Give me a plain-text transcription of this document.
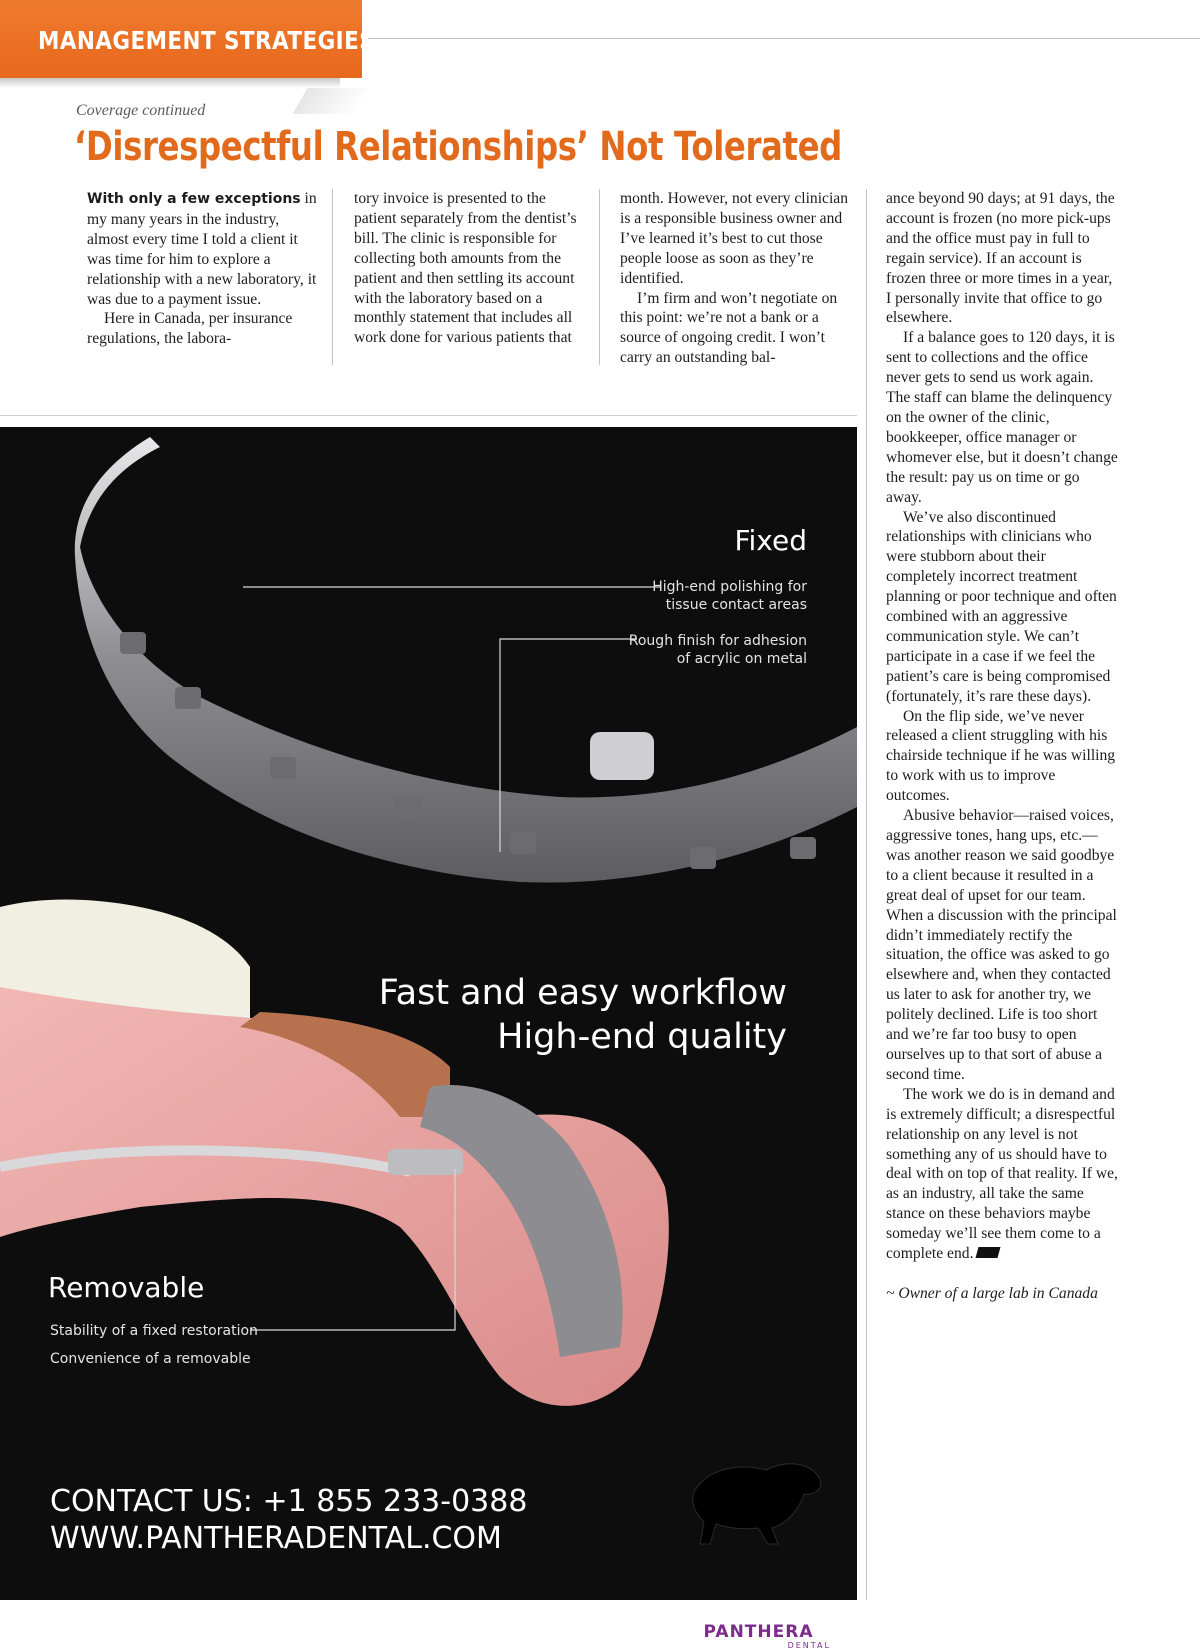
MANAGEMENT STRATEGIES
Coverage continued
‘Disrespectful Relationships’ Not Tolerated

With only a few exceptions in my many years in the industry, almost every time I told a client it was time for him to explore a relationship with a new laboratory, it was due to a payment issue.

Here in Canada, per insurance regulations, the labora-

tory invoice is presented to the patient separately from the dentist’s bill. The clinic is responsible for collecting both amounts from the patient and then settling its account with the laboratory based on a monthly statement that includes all work done for various patients that

month. However, not every clinician is a responsible business owner and I’ve learned it’s best to cut those people loose as soon as they’re identified.

I’m firm and won’t negotiate on this point: we’re not a bank or a source of ongoing credit. I won’t carry an outstanding bal-

ance beyond 90 days; at 91 days, the account is frozen (no more pick-ups and the office must pay in full to regain service). If an account is frozen three or more times in a year, I personally invite that office to go elsewhere.

If a balance goes to 120 days, it is sent to collections and the office never gets to send us work again. The staff can blame the delinquency on the owner of the clinic, bookkeeper, office manager or whomever else, but it doesn’t change the result: pay us on time or go away.

We’ve also discontinued relationships with clinicians who were stubborn about their completely incorrect treatment planning or poor technique and often combined with an aggressive communication style. We can’t participate in a case if we feel the patient’s care is being compromised (fortunately, it’s rare these days).

On the flip side, we’ve never released a client struggling with his chairside technique if he was willing to work with us to improve outcomes.

Abusive behavior—raised voices, aggressive tones, hang ups, etc.—was another reason we said goodbye to a client because it resulted in a great deal of upset for our team. When a discussion with the principal didn’t immediately rectify the situation, the office was asked to go elsewhere and, when they contacted us later to ask for another try, we politely declined. Life is too short and we’re far too busy to open ourselves up to that sort of abuse a second time.

The work we do is in demand and is extremely difficult; a disrespectful relationship on any level is not something any of us should have to deal with on top of that reality. If we, as an industry, all take the same stance on these behaviors maybe someday we’ll see them come to a complete end.

~ Owner of a large lab in Canada

Fixed
High-end polishing for
tissue contact areas
Rough finish for adhesion
of acrylic on metal
Fast and easy workflow
High-end quality
Removable
Stability of a fixed restoration
Convenience of a removable
CONTACT US: +1 855 233-0388
WWW.PANTHERADENTAL.COM
PANTHERA
DENTAL
